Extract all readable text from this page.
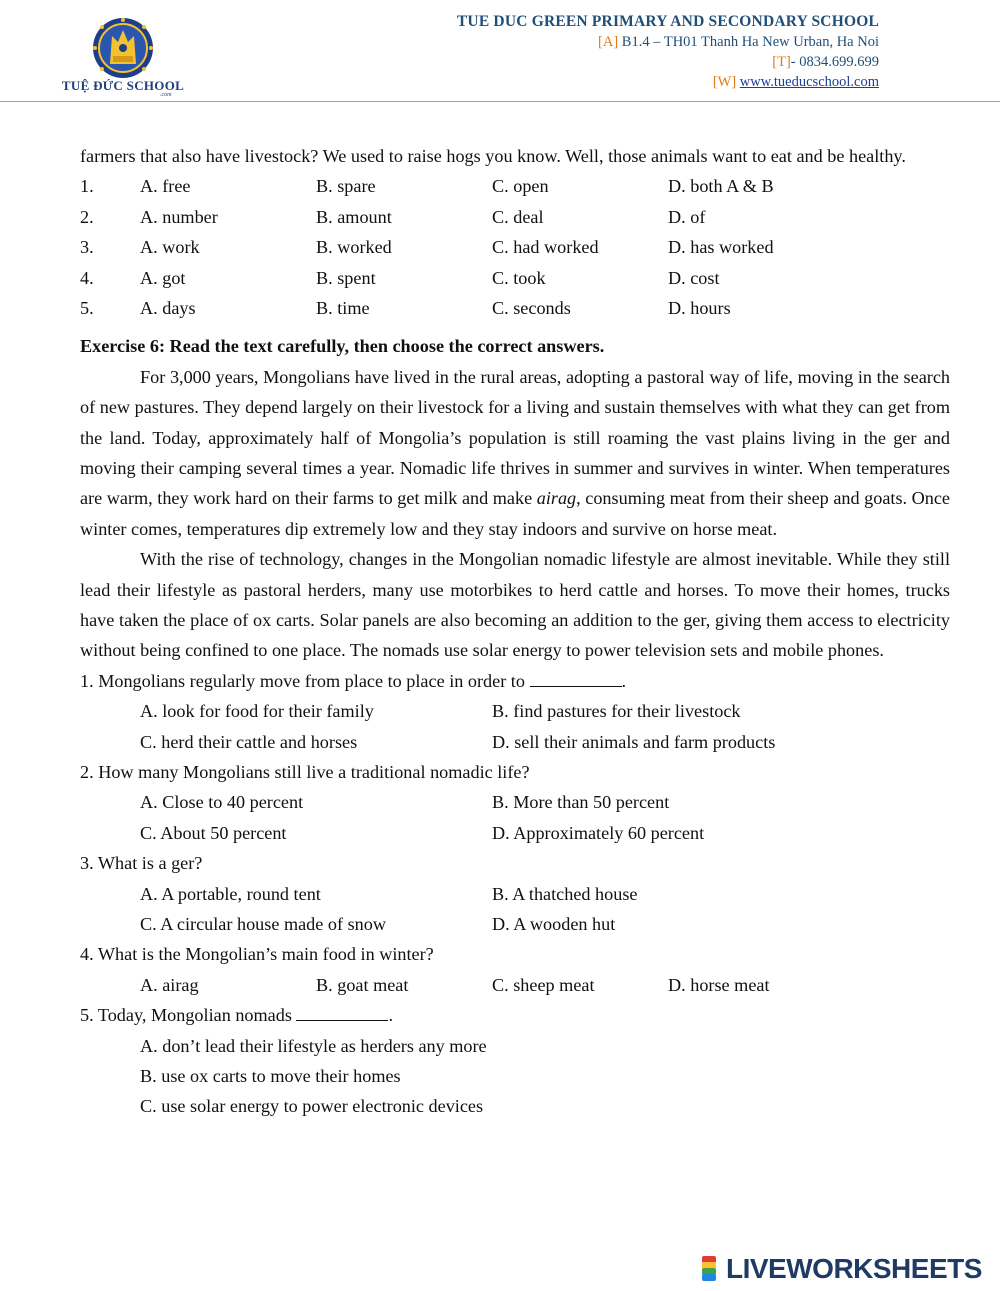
TUỆ ĐỨC SCHOOL
.com
TUE DUC GREEN PRIMARY AND SECONDARY SCHOOL
[A] B1.4 – TH01 Thanh Ha New Urban, Ha Noi
[T]- 0834.699.699
[W] www.tueducschool.com

farmers that also have livestock? We used to raise hogs you know. Well, those animals want to eat and be healthy.

1.	A. free	B. spare	C. open	D. both A & B
2.	A. number	B. amount	C. deal	D. of
3.	A. work	B. worked	C. had worked	D. has worked
4.	A. got	B. spent	C. took	D. cost
5.	A. days	B. time	C. seconds	D. hours

Exercise 6: Read the text carefully, then choose the correct answers.

For 3,000 years, Mongolians have lived in the rural areas, adopting a pastoral way of life, moving in the search of new pastures. They depend largely on their livestock for a living and sustain themselves with what they can get from the land. Today, approximately half of Mongolia’s population is still roaming the vast plains living in the ger and moving their camping several times a year. Nomadic life thrives in summer and survives in winter. When temperatures are warm, they work hard on their farms to get milk and make airag, consuming meat from their sheep and goats. Once winter comes, temperatures dip extremely low and they stay indoors and survive on horse meat.

With the rise of technology, changes in the Mongolian nomadic lifestyle are almost inevitable. While they still lead their lifestyle as pastoral herders, many use motorbikes to herd cattle and horses. To move their homes, trucks have taken the place of ox carts. Solar panels are also becoming an addition to the ger, giving them access to electricity without being confined to one place. The nomads use solar energy to power television sets and mobile phones.

1. Mongolians regularly move from place to place in order to	.

A. look for food for their family	B. find pastures for their livestock
C. herd their cattle and horses	D. sell their animals and farm products

2. How many Mongolians still live a traditional nomadic life?

A. Close to 40 percent	B. More than 50 percent
C. About 50 percent	D. Approximately 60 percent

3. What is a ger?

A. A portable, round tent	B. A thatched house
C. A circular house made of snow	D. A wooden hut

4. What is the Mongolian’s main food in winter?

A. airag	B. goat meat	C. sheep meat	D. horse meat

5. Today, Mongolian nomads	.

A. don’t lead their lifestyle as herders any more
B. use ox carts to move their homes
C. use solar energy to power electronic devices
LIVEWORKSHEETS
